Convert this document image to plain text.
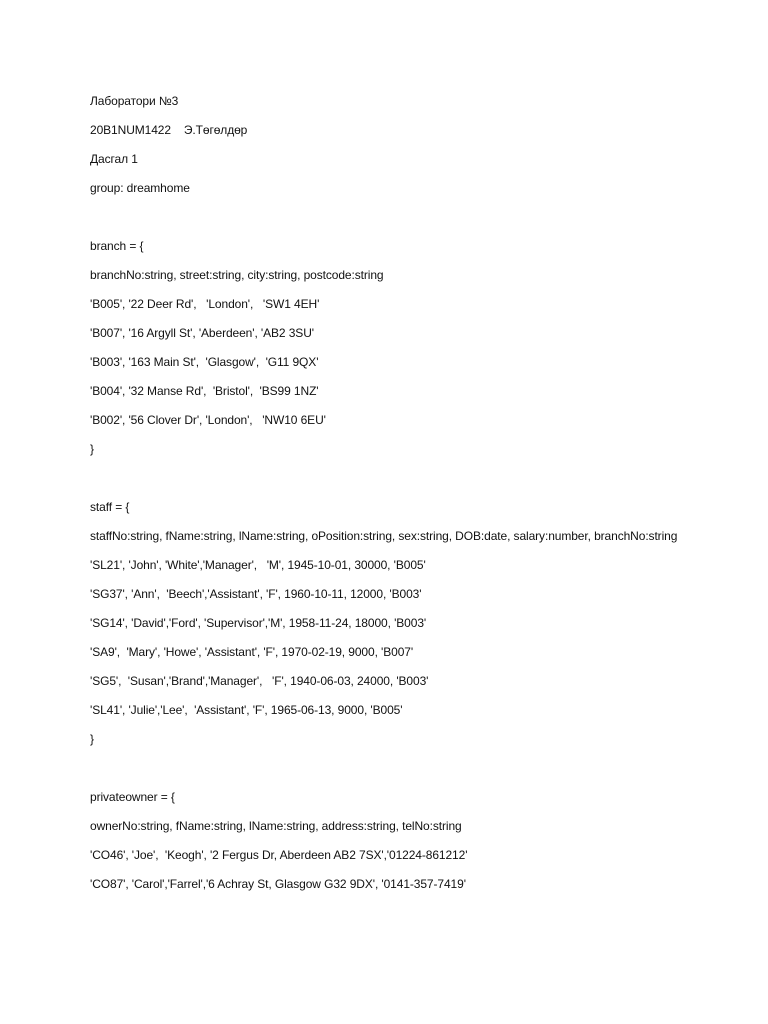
Лаборатори №3
20B1NUM1422    Э.Төгөлдөр
Дасгал 1
group: dreamhome
branch = {
branchNo:string, street:string, city:string, postcode:string
'B005', '22 Deer Rd',   'London',   'SW1 4EH'
'B007', '16 Argyll St', 'Aberdeen', 'AB2 3SU'
'B003', '163 Main St',  'Glasgow',  'G11 9QX'
'B004', '32 Manse Rd',  'Bristol',  'BS99 1NZ'
'B002', '56 Clover Dr', 'London',   'NW10 6EU'
}
staff = {
staffNo:string, fName:string, lName:string, oPosition:string, sex:string, DOB:date, salary:number, branchNo:string
'SL21', 'John', 'White','Manager',   'M', 1945-10-01, 30000, 'B005'
'SG37', 'Ann',  'Beech','Assistant', 'F', 1960-10-11, 12000, 'B003'
'SG14', 'David','Ford', 'Supervisor','M', 1958-11-24, 18000, 'B003'
'SA9',  'Mary', 'Howe', 'Assistant', 'F', 1970-02-19, 9000, 'B007'
'SG5',  'Susan','Brand','Manager',   'F', 1940-06-03, 24000, 'B003'
'SL41', 'Julie','Lee',  'Assistant', 'F', 1965-06-13, 9000, 'B005'
}
privateowner = {
ownerNo:string, fName:string, lName:string, address:string, telNo:string
'CO46', 'Joe',  'Keogh', '2 Fergus Dr, Aberdeen AB2 7SX','01224-861212'
'CO87', 'Carol','Farrel','6 Achray St, Glasgow G32 9DX', '0141-357-7419'
